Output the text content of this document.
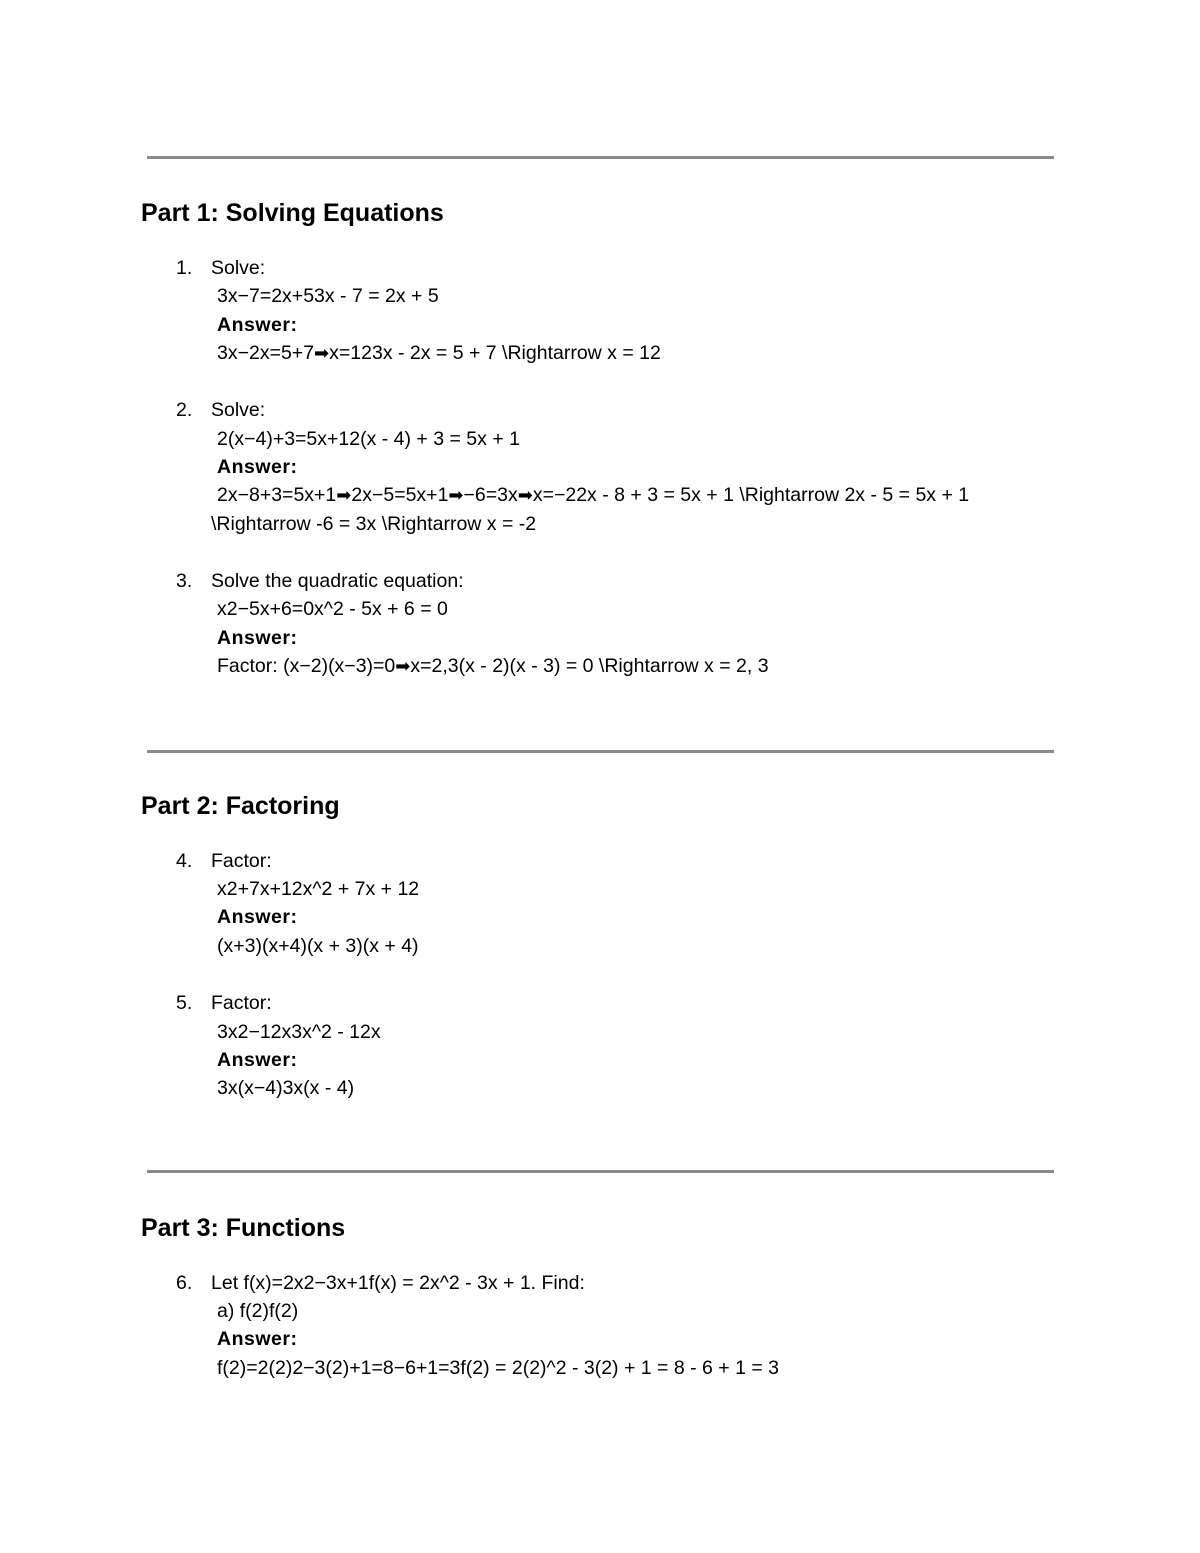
Part 1: Solving Equations
1. Solve:
3x−7=2x+53x - 7 = 2x + 5
Answer:
3x−2x=5+7➡x=123x - 2x = 5 + 7 \Rightarrow x = 12
2. Solve:
2(x−4)+3=5x+12(x - 4) + 3 = 5x + 1
Answer:
2x−8+3=5x+1➡2x−5=5x+1➡−6=3x➡x=−22x - 8 + 3 = 5x + 1 \Rightarrow 2x - 5 = 5x + 1
\Rightarrow -6 = 3x \Rightarrow x = -2
3. Solve the quadratic equation:
x2−5x+6=0x^2 - 5x + 6 = 0
Answer:
Factor: (x−2)(x−3)=0➡x=2,3(x - 2)(x - 3) = 0 \Rightarrow x = 2, 3
Part 2: Factoring
4. Factor:
x2+7x+12x^2 + 7x + 12
Answer:
(x+3)(x+4)(x + 3)(x + 4)
5. Factor:
3x2−12x3x^2 - 12x
Answer:
3x(x−4)3x(x - 4)
Part 3: Functions
6. Let f(x)=2x2−3x+1f(x) = 2x^2 - 3x + 1. Find:
a) f(2)f(2)
Answer:
f(2)=2(2)2−3(2)+1=8−6+1=3f(2) = 2(2)^2 - 3(2) + 1 = 8 - 6 + 1 = 3
